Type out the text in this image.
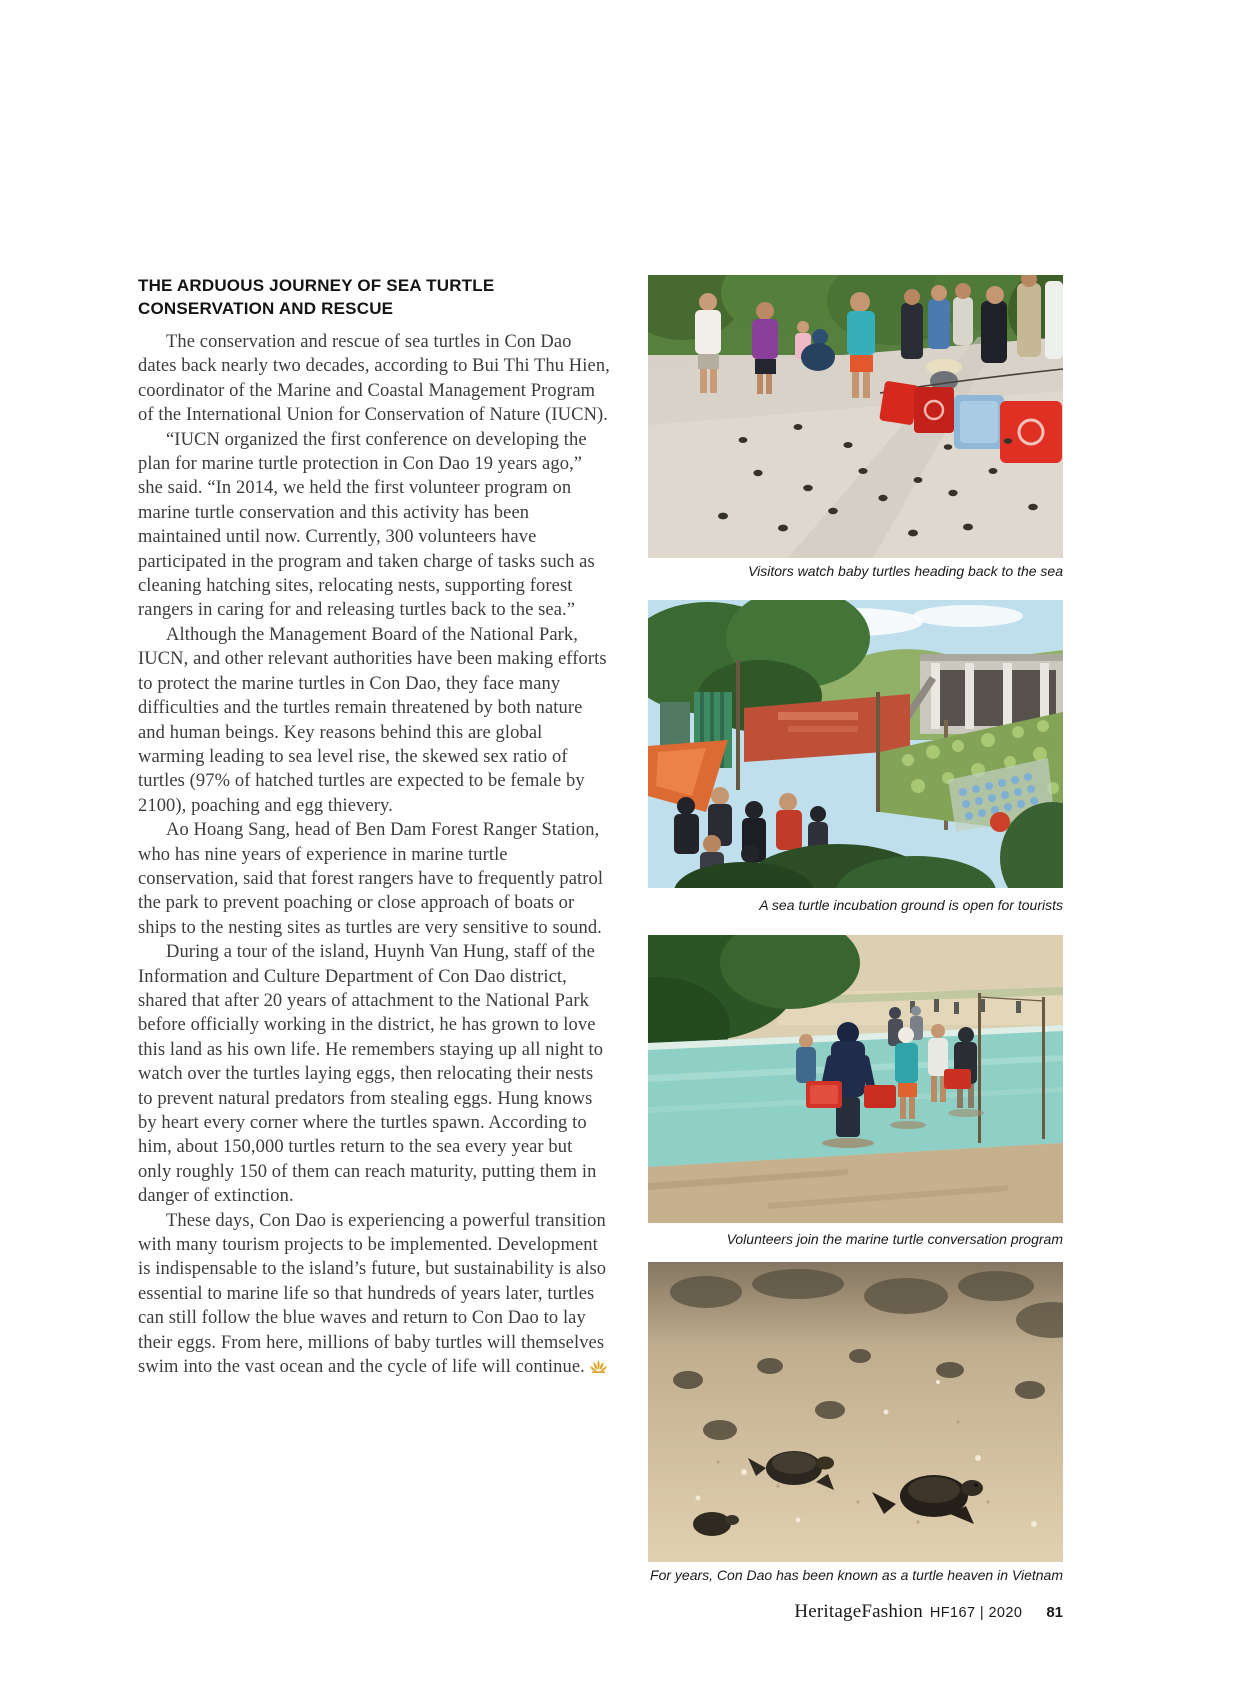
THE ARDUOUS JOURNEY OF SEA TURTLE CONSERVATION AND RESCUE

The conservation and rescue of sea turtles in Con Dao dates back nearly two decades, according to Bui Thi Thu Hien, coordinator of the Marine and Coastal Management Program of the International Union for Conservation of Nature (IUCN).

“IUCN organized the first conference on developing the plan for marine turtle protection in Con Dao 19 years ago,” she said. “In 2014, we held the first volunteer program on marine turtle conservation and this activity has been maintained until now. Currently, 300 volunteers have participated in the program and taken charge of tasks such as cleaning hatching sites, relocating nests, supporting forest rangers in caring for and releasing turtles back to the sea.”

Although the Management Board of the National Park, IUCN, and other relevant authorities have been making efforts to protect the marine turtles in Con Dao, they face many difficulties and the turtles remain threatened by both nature and human beings. Key reasons behind this are global warming leading to sea level rise, the skewed sex ratio of turtles (97% of hatched turtles are expected to be female by 2100), poaching and egg thievery.

Ao Hoang Sang, head of Ben Dam Forest Ranger Station, who has nine years of experience in marine turtle conservation, said that forest rangers have to frequently patrol the park to prevent poaching or close approach of boats or ships to the nesting sites as turtles are very sensitive to sound.

During a tour of the island, Huynh Van Hung, staff of the Information and Culture Department of Con Dao district, shared that after 20 years of attachment to the National Park before officially working in the district, he has grown to love this land as his own life. He remembers staying up all night to watch over the turtles laying eggs, then relocating their nests to prevent natural predators from stealing eggs. Hung knows by heart every corner where the turtles spawn. According to him, about 150,000 turtles return to the sea every year but only roughly 150 of them can reach maturity, putting them in danger of extinction.

These days, Con Dao is experiencing a powerful transition with many tourism projects to be implemented. Development is indispensable to the island’s future, but sustainability is also essential to marine life so that hundreds of years later, turtles can still follow the blue waves and return to Con Dao to lay their eggs. From here, millions of baby turtles will themselves swim into the vast ocean and the cycle of life will continue.

Visitors watch baby turtles heading back to the sea
A sea turtle incubation ground is open for tourists
Volunteers join the marine turtle conversation program
For years, Con Dao has been known as a turtle heaven in Vietnam
HeritageFashion HF167 | 2020 81
